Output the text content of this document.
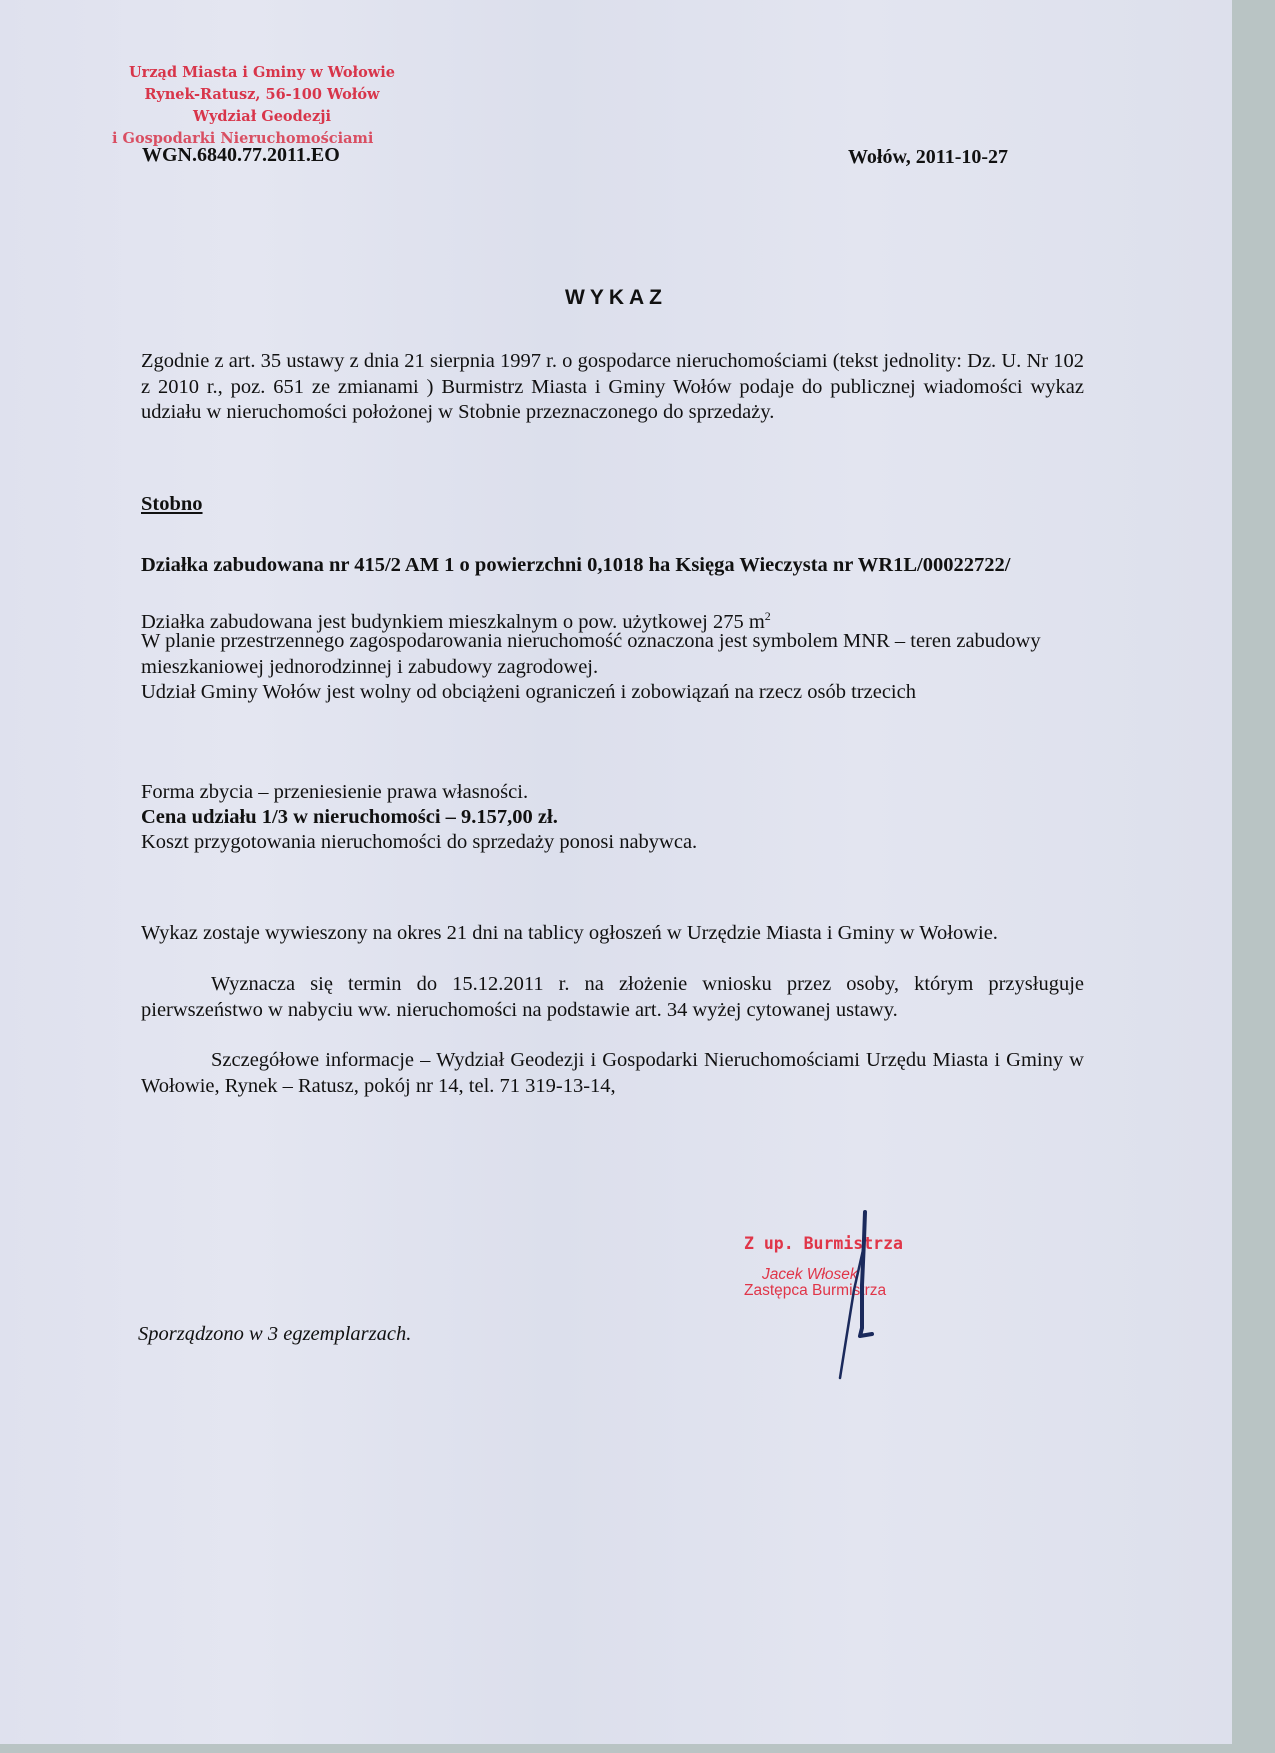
Urząd Miasta i Gminy w Wołowie
Rynek-Ratusz, 56-100 Wołów
Wydział Geodezji
i Gospodarki Nieruchomościami
WGN.6840.77.2011.EO	Wołów, 2011-10-27
WYKAZ
Zgodnie z art. 35 ustawy z dnia 21 sierpnia 1997 r. o gospodarce nieruchomościami (tekst jednolity: Dz. U. Nr 102 z 2010 r., poz. 651 ze zmianami ) Burmistrz Miasta i Gminy Wołów podaje do publicznej wiadomości wykaz udziału w nieruchomości położonej w Stobnie przeznaczonego do sprzedaży.
Stobno
Działka zabudowana nr 415/2 AM 1 o powierzchni 0,1018 ha Księga Wieczysta nr WR1L/00022722/
Działka zabudowana jest budynkiem mieszkalnym o pow. użytkowej 275 $m^2$
W planie przestrzennego zagospodarowania nieruchomość oznaczona jest symbolem MNR – teren zabudowy mieszkaniowej jednorodzinnej i zabudowy zagrodowej.
Udział Gminy Wołów jest wolny od obciążeni ograniczeń i zobowiązań na rzecz osób trzecich
Forma zbycia – przeniesienie prawa własności.
Cena udziału 1/3 w nieruchomości – 9.157,00 zł.
Koszt przygotowania nieruchomości do sprzedaży ponosi nabywca.
Wykaz zostaje wywieszony na okres 21 dni na tablicy ogłoszeń w Urzędzie Miasta i Gminy w Wołowie.
Wyznacza się termin do 15.12.2011 r. na złożenie wniosku przez osoby, którym przysługuje pierwszeństwo w nabyciu ww. nieruchomości na podstawie art. 34 wyżej cytowanej ustawy.
Szczegółowe informacje – Wydział Geodezji i Gospodarki Nieruchomościami Urzędu Miasta i Gminy w Wołowie, Rynek – Ratusz, pokój nr 14, tel. 71 319-13-14,
Z up. Burmistrza
Jacek Włosek
Zastępca Burmistrza
Sporządzono w 3 egzemplarzach.
